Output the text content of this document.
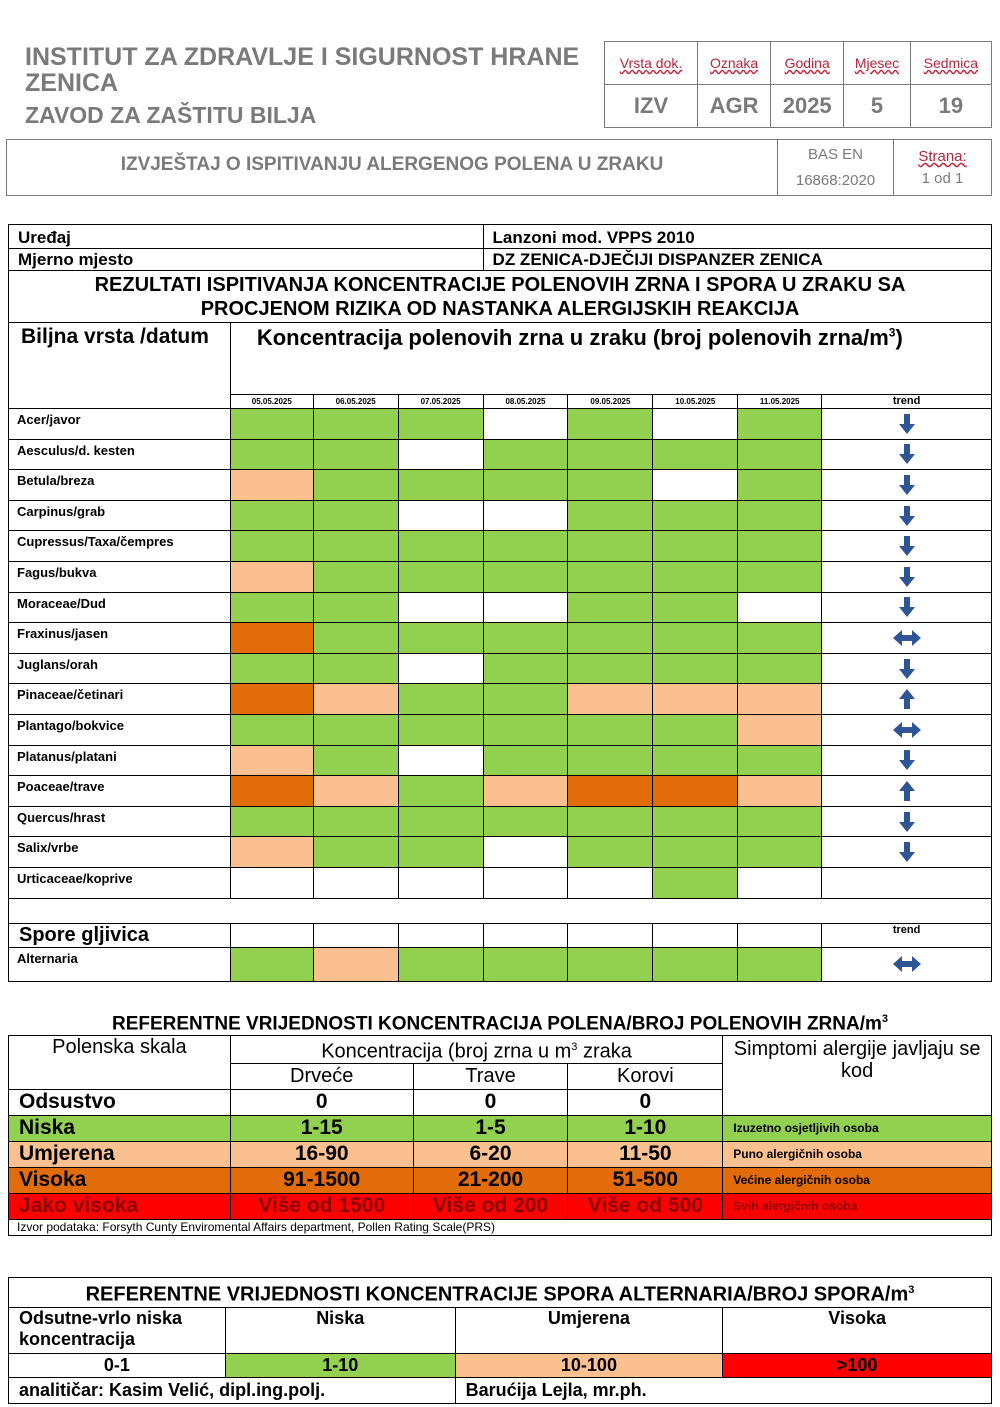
INSTITUT ZA ZDRAVLJE I SIGURNOST HRANE
ZENICA
ZAVOD ZA ZAŠTITU BILJA
Vrsta dok.	Oznaka	Godina	Mjesec	Sedmica
IZV	AGR	2025	5	19
IZVJEŠTAJ O ISPITIVANJU ALERGENOG POLENA U ZRAKU	BAS EN
16868:2020
Strana:
1 od 1
Uređaj				Lanzoni mod. VPPS 2010				
Mjerno mjesto				DZ ZENICA-DJEČIJI DISPANZER ZENICA				

REZULTATI ISPITIVANJA KONCENTRACIJE POLENOVIH ZRNA I SPORA U ZRAKU SA
PROCJENOM RIZIKA OD NASTANKA ALERGIJSKIH REAKCIJA								

Biljna vrsta /datum	Koncentracija polenovih zrna u zraku (broj polenovih zrna/$m^3$)							
	05.05.2025	06.05.2025	07.05.2025	08.05.2025	09.05.2025	10.05.2025	11.05.2025	trend
Acer/javor								

Aesculus/d. kesten								

Betula/breza								

Carpinus/grab								

Cupressus/Taxa/čempres								

Fagus/bukva								

Moraceae/Dud								

Fraxinus/jasen								

Juglans/orah								

Pinaceae/četinari								

Plantago/bokvice								

Platanus/platani								

Poaceae/trave								

Quercus/hrast								

Salix/vrbe								

Urticaceae/koprive								

Spore gljivica								trend
Alternaria								
REFERENTNE VRIJEDNOSTI KONCENTRACIJA POLENA/BROJ POLENOVIH ZRNA/$m^3$
Polenska skala	Koncentracija (broj zrna u $m^3$ zraka			Simptomi alergije javljaju se kod
	Drveće	Trave	Korovi	
Odsustvo	0	0	0	
Niska	1-15	1-5	1-10	Izuzetno osjetljivih osoba
Umjerena	16-90	6-20	11-50	Puno alergičnih osoba
Visoka	91-1500	21-200	51-500	Većine alergičnih osoba
Jako visoka	Više od 1500	Više od 200	Više od 500	Svih alergičnih osoba
Izvor podataka: Forsyth Cunty Enviromental Affairs department, Pollen Rating Scale(PRS)				
REFERENTNE VRIJEDNOSTI KONCENTRACIJE SPORA ALTERNARIA/BROJ SPORA/$m^3$
Odsutne-vrlo niska koncentracija	Niska	Umjerena	Visoka
0-1	1-10	10-100	>100
analitičar: Kasim Velić, dipl.ing.polj.		Barućija Lejla, mr.ph.	
